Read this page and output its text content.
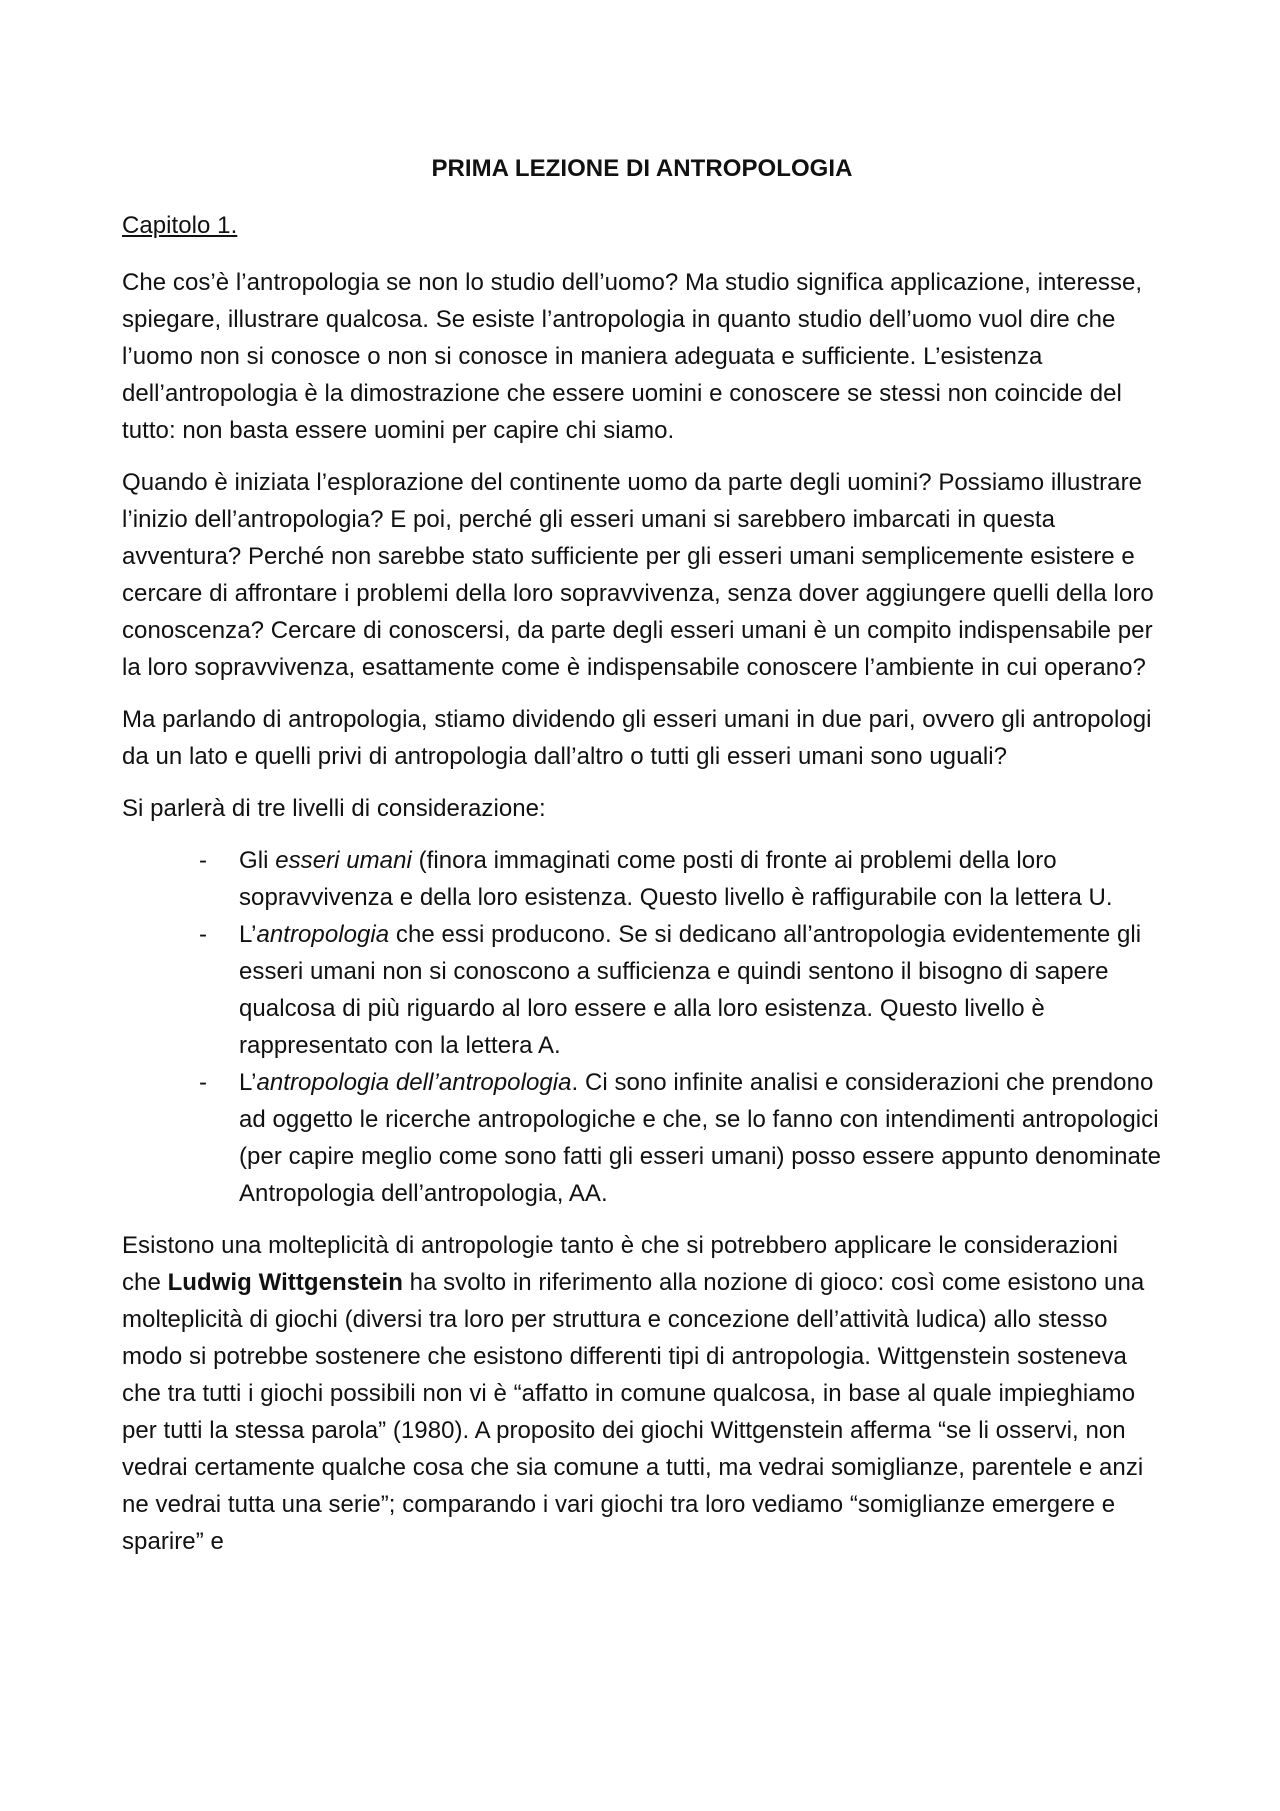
PRIMA LEZIONE DI ANTROPOLOGIA
Capitolo 1.

Che cos’è l’antropologia se non lo studio dell’uomo? Ma studio significa applicazione, interesse, spiegare, illustrare qualcosa. Se esiste l’antropologia in quanto studio dell’uomo vuol dire che l’uomo non si conosce o non si conosce in maniera adeguata e sufficiente. L’esistenza dell’antropologia è la dimostrazione che essere uomini e conoscere se stessi non coincide del tutto: non basta essere uomini per capire chi siamo.

Quando è iniziata l’esplorazione del continente uomo da parte degli uomini? Possiamo illustrare l’inizio dell’antropologia? E poi, perché gli esseri umani si sarebbero imbarcati in questa avventura? Perché non sarebbe stato sufficiente per gli esseri umani semplicemente esistere e cercare di affrontare i problemi della loro sopravvivenza, senza dover aggiungere quelli della loro conoscenza? Cercare di conoscersi, da parte degli esseri umani è un compito indispensabile per la loro sopravvivenza, esattamente come è indispensabile conoscere l’ambiente in cui operano?

Ma parlando di antropologia, stiamo dividendo gli esseri umani in due pari, ovvero gli antropologi da un lato e quelli privi di antropologia dall’altro o tutti gli esseri umani sono uguali?

Si parlerà di tre livelli di considerazione:

- Gli esseri umani (finora immaginati come posti di fronte ai problemi della loro sopravvivenza e della loro esistenza. Questo livello è raffigurabile con la lettera U.
- L’antropologia che essi producono. Se si dedicano all’antropologia evidentemente gli esseri umani non si conoscono a sufficienza e quindi sentono il bisogno di sapere qualcosa di più riguardo al loro essere e alla loro esistenza. Questo livello è rappresentato con la lettera A.
- L’antropologia dell’antropologia. Ci sono infinite analisi e considerazioni che prendono ad oggetto le ricerche antropologiche e che, se lo fanno con intendimenti antropologici (per capire meglio come sono fatti gli esseri umani) posso essere appunto denominate Antropologia dell’antropologia, AA.

Esistono una molteplicità di antropologie tanto è che si potrebbero applicare le considerazioni che Ludwig Wittgenstein ha svolto in riferimento alla nozione di gioco: così come esistono una molteplicità di giochi (diversi tra loro per struttura e concezione dell’attività ludica) allo stesso modo si potrebbe sostenere che esistono differenti tipi di antropologia. Wittgenstein sosteneva che tra tutti i giochi possibili non vi è “affatto in comune qualcosa, in base al quale impieghiamo per tutti la stessa parola” (1980). A proposito dei giochi Wittgenstein afferma “se li osservi, non vedrai certamente qualche cosa che sia comune a tutti, ma vedrai somiglianze, parentele e anzi ne vedrai tutta una serie”; comparando i vari giochi tra loro vediamo “somiglianze emergere e sparire” e
